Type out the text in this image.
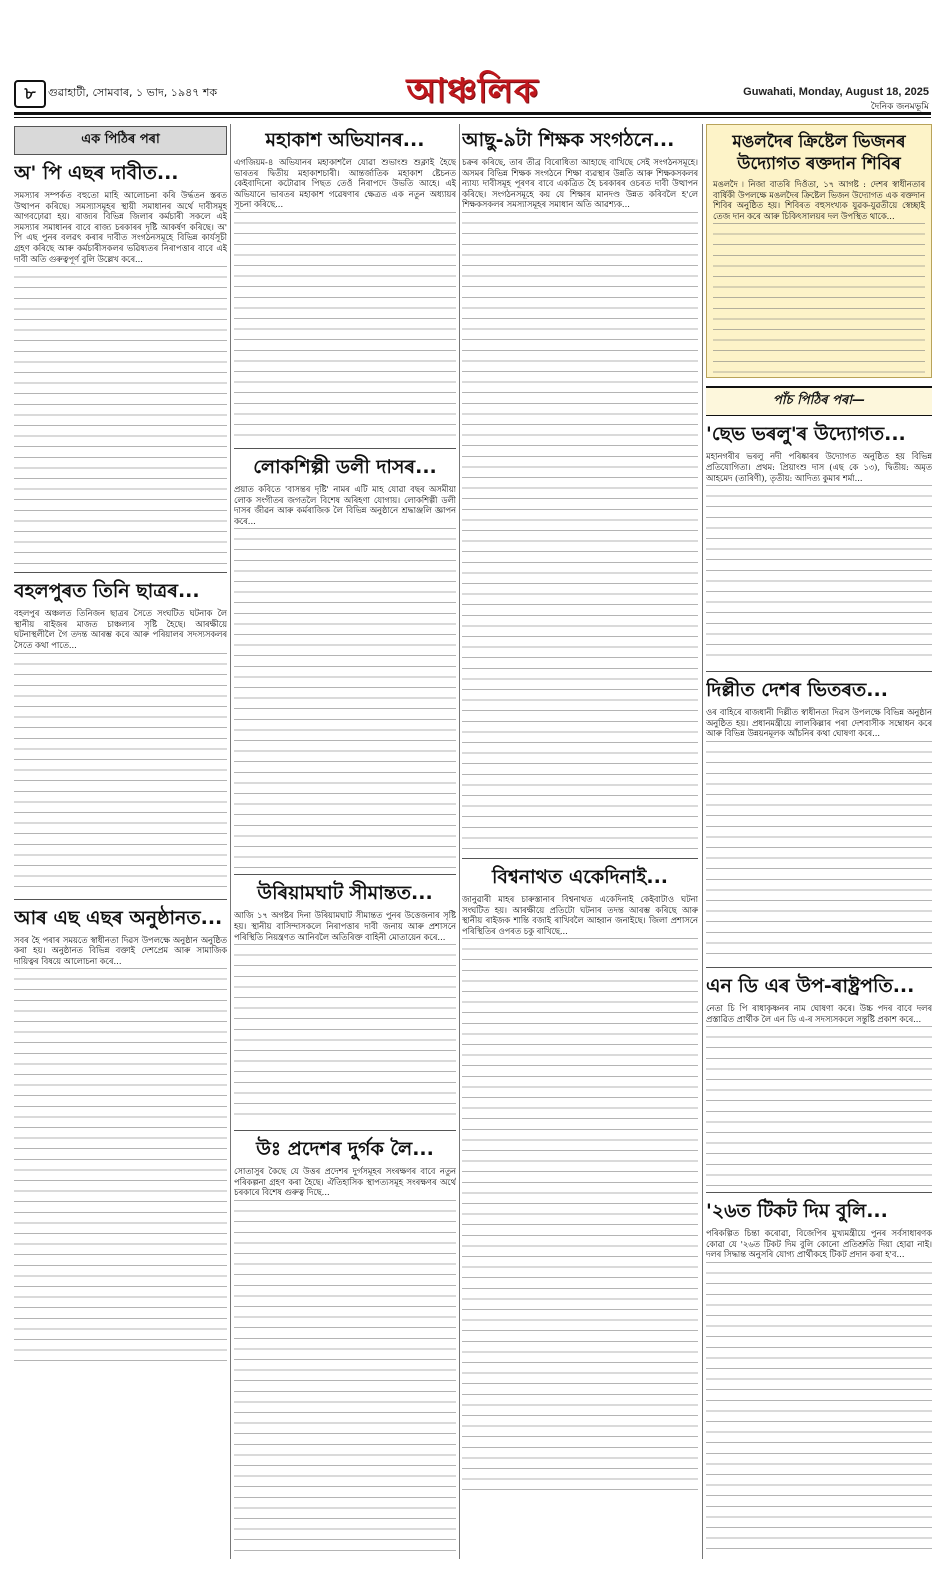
৮	গুৱাহাটী, সোমবাৰ, ১ ভাদ, ১৯৪৭ শক	আঞ্চলিক	Guwahati, Monday, August 18, 2025
দৈনিক জনমভূমি
এক পিঠিৰ পৰা
অ' পি এছৰ দাবীত...

সমস্যাৰ সম্পৰ্কত বহুতো মাহি আলোচনা কৰি উৰ্দ্ধতন স্তৰত উত্থাপন কৰিছে। সমস্যাসমূহৰ স্থায়ী সমাধানৰ অৰ্থে দাবীসমূহ আগবঢ়োৱা হয়। ৰাজ্যৰ বিভিন্ন জিলাৰ কৰ্মচাৰী সকলে এই সমস্যাৰ সমাধানৰ বাবে ৰাজ্য চৰকাৰৰ দৃষ্টি আকৰ্ষণ কৰিছে। অ' পি এছ পুনৰ বলৱৎ কৰাৰ দাবীত সংগঠনসমূহে বিভিন্ন কাৰ্যসূচী গ্ৰহণ কৰিছে আৰু কৰ্মচাৰীসকলৰ ভৱিষ্যতৰ নিৰাপত্তাৰ বাবে এই দাবী অতি গুৰুত্বপূৰ্ণ বুলি উল্লেখ কৰে...

বহলপুৰত তিনি ছাত্ৰৰ...

বহলপুৰ অঞ্চলত তিনিজন ছাত্ৰৰ সৈতে সংঘটিত ঘটনাক লৈ স্থানীয় ৰাইজৰ মাজত চাঞ্চল্যৰ সৃষ্টি হৈছে। আৰক্ষীয়ে ঘটনাস্থলীলৈ গৈ তদন্ত আৰম্ভ কৰে আৰু পৰিয়ালৰ সদস্যসকলৰ সৈতে কথা পাতে...

আৰ এছ এছৰ অনুষ্ঠানত...

সবৰ হৈ পৰাৰ সময়তে স্বাধীনতা দিৱস উপলক্ষে অনুষ্ঠান অনুষ্ঠিত কৰা হয়। অনুষ্ঠানত বিভিন্ন বক্তাই দেশপ্ৰেম আৰু সামাজিক দায়িত্বৰ বিষয়ে আলোচনা কৰে...

মহাকাশ অভিযানৰ...

এগজিয়ম-৪ অভিযানৰ মহাকাশলৈ যোৱা শুভাংশু শুক্লাই হৈছে ভাৰতৰ দ্বিতীয় মহাকাশচাৰী। আন্তৰ্জাতিক মহাকাশ ষ্টেচনত কেইবাদিনো কটোৱাৰ পিছত তেওঁ নিৰাপদে উভতি আহে। এই অভিযানে ভাৰতৰ মহাকাশ গৱেষণাৰ ক্ষেত্ৰত এক নতুন অধ্যায়ৰ সূচনা কৰিছে...

লোকশিল্পী ডলী দাসৰ...

প্ৰয়াত কবিতে 'বাসন্তৰ দৃষ্টি' নামৰ এটি মাহ যোৱা বছৰ অসমীয়া লোক সংগীতৰ জগতলৈ বিশেষ অৰিহণা যোগায়। লোকশিল্পী ডলী দাসৰ জীৱন আৰু কৰ্মৰাজিক লৈ বিভিন্ন অনুষ্ঠানে শ্ৰদ্ধাঞ্জলি জ্ঞাপন কৰে...

উৰিয়ামঘাট সীমান্তত...

আজি ১৭ অগষ্টৰ দিনা উৰিয়ামঘাট সীমান্তত পুনৰ উত্তেজনাৰ সৃষ্টি হয়। স্থানীয় বাসিন্দাসকলে নিৰাপত্তাৰ দাবী জনায় আৰু প্ৰশাসনে পৰিস্থিতি নিয়ন্ত্ৰণত আনিবলৈ অতিৰিক্ত বাহিনী মোতায়েন কৰে...

উঃ প্ৰদেশৰ দুৰ্গক লৈ...

সোতাসুৰ কৈছে যে উত্তৰ প্ৰদেশৰ দুৰ্গসমূহৰ সংৰক্ষণৰ বাবে নতুন পৰিকল্পনা গ্ৰহণ কৰা হৈছে। ঐতিহাসিক স্থাপত্যসমূহ সংৰক্ষণৰ অৰ্থে চৰকাৰে বিশেষ গুৰুত্ব দিছে...

আছু-৯টা শিক্ষক সংগঠনে...

চক্ৰৰ কৰিছে, তাৰ তীব্ৰ বিৰোধিতা আহাছে বাখিছে সেই সংগঠনসমূহে। অসমৰ বিভিন্ন শিক্ষক সংগঠনে শিক্ষা ব্যৱস্থাৰ উন্নতি আৰু শিক্ষকসকলৰ ন্যায্য দাবীসমূহ পূৰণৰ বাবে একত্ৰিত হৈ চৰকাৰৰ ওচৰত দাবী উত্থাপন কৰিছে। সংগঠনসমূহে কয় যে শিক্ষাৰ মানদণ্ড উন্নত কৰিবলৈ হ'লে শিক্ষকসকলৰ সমস্যাসমূহৰ সমাধান অতি আৱশ্যক...

বিশ্বনাথত একেদিনাই...

জানুৱাৰী মাহৰ চাৰুস্তানাৰ বিশ্বনাথত একেদিনাই কেইবাটাও ঘটনা সংঘটিত হয়। আৰক্ষীয়ে প্ৰতিটো ঘটনাৰ তদন্ত আৰম্ভ কৰিছে আৰু স্থানীয় ৰাইজক শান্তি বজাই ৰাখিবলৈ আহ্বান জনাইছে। জিলা প্ৰশাসনে পৰিস্থিতিৰ ওপৰত চকু ৰাখিছে...

মঙলদৈৰ ক্ৰিষ্টেল ভিজনৰ উদ্যোগত ৰক্তদান শিবিৰ

মঙলদৈ ৷ নিজা বাতৰি দিওঁতা, ১৭ আগষ্ট : দেশৰ স্বাধীনতাৰ বাৰ্ষিকী উপলক্ষে মঙলদৈৰ ক্ৰিষ্টেল ভিজন উদ্যোগত এক ৰক্তদান শিবিৰ অনুষ্ঠিত হয়। শিবিৰত বহুসংখ্যক যুৱক-যুৱতীয়ে স্বেচ্ছাই তেজ দান কৰে আৰু চিকিৎসালয়ৰ দল উপস্থিত থাকে...

পাঁচ পিঠিৰ পৰা—
'ছেভ ভৰলু'ৰ উদ্যোগত...

মহানগৰীৰ ভৰলু নদী পৰিষ্কাৰৰ উদ্যোগত অনুষ্ঠিত হয় বিভিন্ন প্ৰতিযোগিতা। প্ৰথম: প্ৰিয়াংশু দাস (এছ কে ১৩), দ্বিতীয়: অমৃত আহমেদ (তাৰিণী), তৃতীয়: আদিত্য কুমাৰ শৰ্মা...

দিল্লীত দেশৰ ভিতৰত...

ওৰ বাহিৰে ৰাজধানী দিল্লীত স্বাধীনতা দিৱস উপলক্ষে বিভিন্ন অনুষ্ঠান অনুষ্ঠিত হয়। প্ৰধানমন্ত্ৰীয়ে লালকিল্লাৰ পৰা দেশবাসীক সম্বোধন কৰে আৰু বিভিন্ন উন্নয়নমূলক আঁচনিৰ কথা ঘোষণা কৰে...

এন ডি এৰ উপ-ৰাষ্ট্ৰপতি...

নেতা চি পি ৰাধাকৃষ্ণনৰ নাম ঘোষণা কৰে। উচ্চ পদৰ বাবে দলৰ প্ৰস্তাৱিত প্ৰাৰ্থীক লৈ এন ডি এ-ৰ সদস্যসকলে সন্তুষ্টি প্ৰকাশ কৰে...

'২৬ত টিকট দিম বুলি...

পৰিকল্পিত চিন্তা কৰোৱা, বিজেপিৰ মুখ্যমন্ত্ৰীয়ে পুনৰ সৰ্বসাধাৰণক কোৱা যে '২৬ত টিকট দিম বুলি কোনো প্ৰতিশ্ৰুতি দিয়া হোৱা নাই। দলৰ সিদ্ধান্ত অনুসৰি যোগ্য প্ৰাৰ্থীকহে টিকট প্ৰদান কৰা হ'ব...
